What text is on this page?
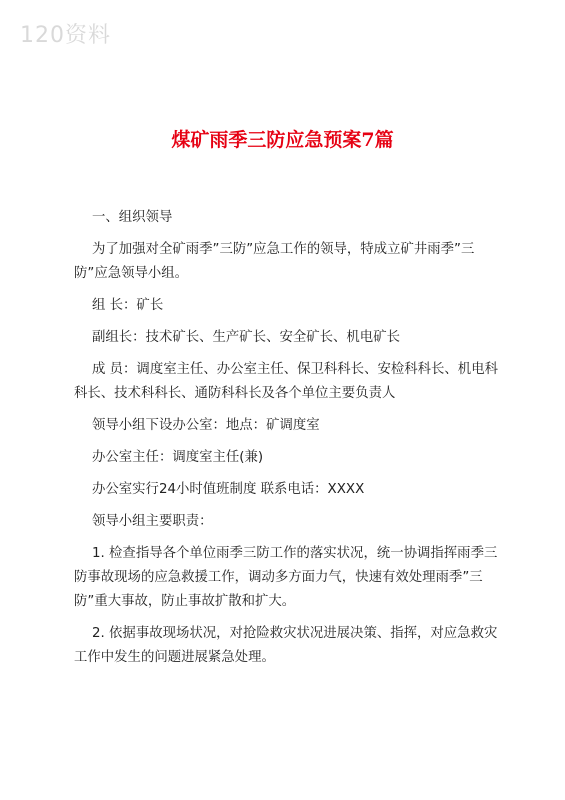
120资料
煤矿雨季三防应急预案7篇

一、组织领导

为了加强对全矿雨季”三防”应急工作的领导，特成立矿井雨季”三防”应急领导小组。

组 长：矿长

副组长：技术矿长、生产矿长、安全矿长、机电矿长

成 员：调度室主任、办公室主任、保卫科科长、安检科科长、机电科科长、技术科科长、通防科科长及各个单位主要负责人

领导小组下设办公室：地点：矿调度室

办公室主任：调度室主任(兼)

办公室实行24小时值班制度 联系电话：XXXX

领导小组主要职责：

1. 检查指导各个单位雨季三防工作的落实状况，统一协调指挥雨季三防事故现场的应急救援工作，调动多方面力气，快速有效处理雨季”三防”重大事故，防止事故扩散和扩大。

2. 依据事故现场状况，对抢险救灾状况进展决策、指挥，对应急救灾工作中发生的问题进展紧急处理。
